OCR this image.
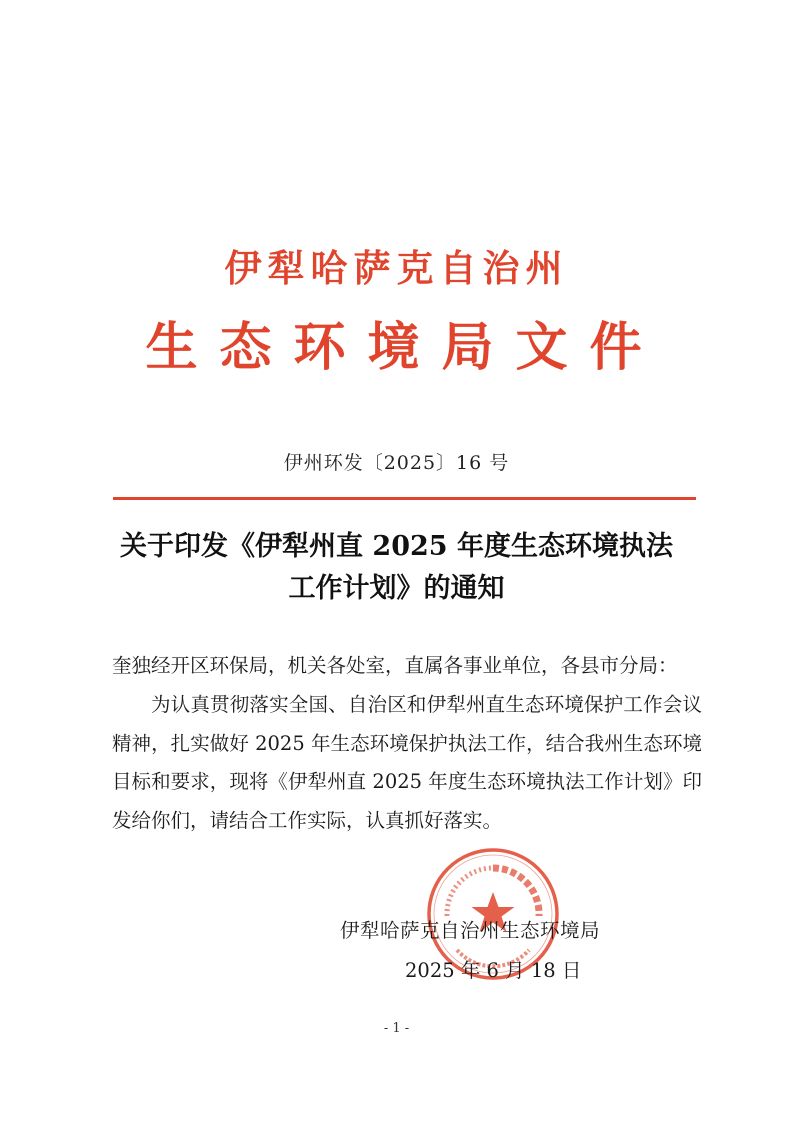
伊犁哈萨克自治州
生态环境局文件
伊州环发〔2025〕16 号
关于印发《伊犁州直 2025 年度生态环境执法
工作计划》的通知
奎独经开区环保局，机关各处室，直属各事业单位，各县市分局：
为认真贯彻落实全国、自治区和伊犁州直生态环境保护工作会议精神，扎实做好 2025 年生态环境保护执法工作，结合我州生态环境目标和要求，现将《伊犁州直 2025 年度生态环境执法工作计划》印发给你们，请结合工作实际，认真抓好落实。
伊犁哈萨克自治州生态环境局
2025 年 6 月 18 日
- 1 -
